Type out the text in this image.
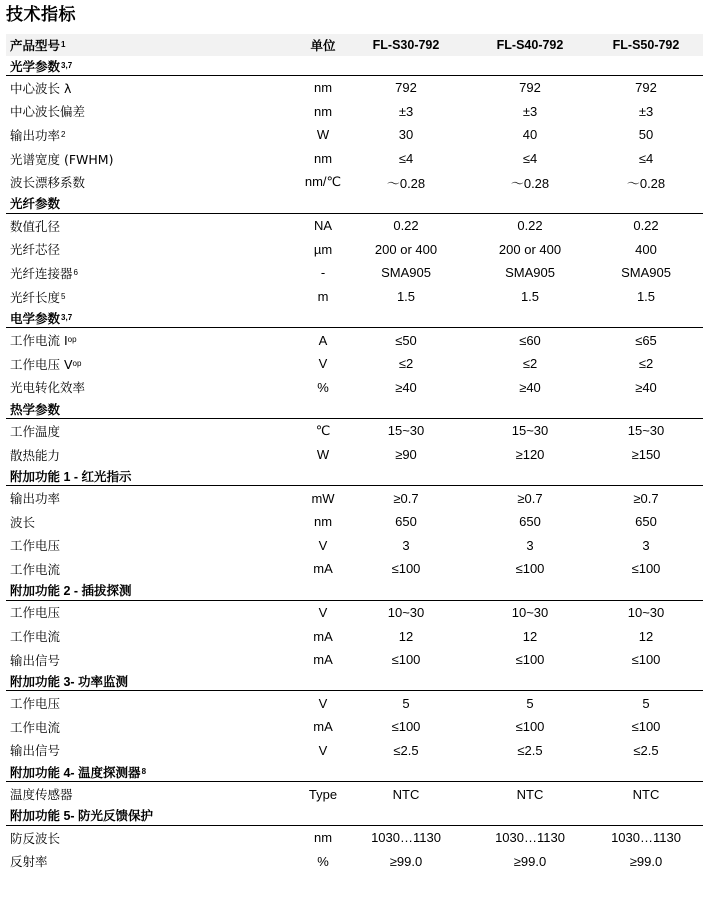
技术指标
产品型号 1	单位	FL-S30-792	FL-S40-792	FL-S50-792
光学参数 3,7
中心波长 λ	nm	792	792	792
中心波长偏差	nm	±3	±3	±3
输出功率 2	W	30	40	50
光谱宽度 (FWHM)	nm	≤4	≤4	≤4
波长漂移系数	nm/℃	～0.28	～0.28	～0.28
光纤参数
数值孔径	NA	0.22	0.22	0.22
光纤芯径	µm	200 or 400	200 or 400	400
光纤连接器 6	-	SMA905	SMA905	SMA905
光纤长度 5	m	1.5	1.5	1.5
电学参数 3,7
工作电流 I op	A	≤50	≤60	≤65
工作电压 V op	V	≤2	≤2	≤2
光电转化效率	%	≥40	≥40	≥40
热学参数
工作温度	℃	15~30	15~30	15~30
散热能力	W	≥90	≥120	≥150
附加功能 1 - 红光指示
输出功率	mW	≥0.7	≥0.7	≥0.7
波长	nm	650	650	650
工作电压	V	3	3	3
工作电流	mA	≤100	≤100	≤100
附加功能 2 - 插拔探测
工作电压	V	10~30	10~30	10~30
工作电流	mA	12	12	12
输出信号	mA	≤100	≤100	≤100
附加功能 3- 功率监测
工作电压	V	5	5	5
工作电流	mA	≤100	≤100	≤100
输出信号	V	≤2.5	≤2.5	≤2.5
附加功能 4- 温度探测器 8
温度传感器	Type	NTC	NTC	NTC
附加功能 5- 防光反馈保护
防反波长	nm	1030…1130	1030…1130	1030…1130
反射率	%	≥99.0	≥99.0	≥99.0
